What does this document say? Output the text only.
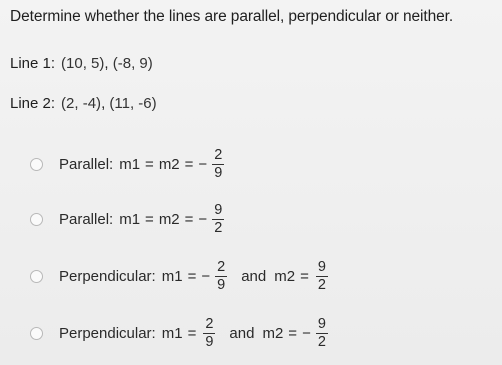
Determine whether the lines are parallel, perpendicular or neither.
Line 1: (10, 5), (-8, 9)
Line 2: (2, -4), (11, -6)
Parallel: m1 = m2 = − $\frac{2}{9}$
Parallel: m1 = m2 = − $\frac{9}{2}$
Perpendicular: m1 = − $\frac{2}{9}$ and $m2 = \frac{9}{2}$
Perpendicular: $m1 = \frac{2}{9}$ and m2 = − $\frac{9}{2}$
